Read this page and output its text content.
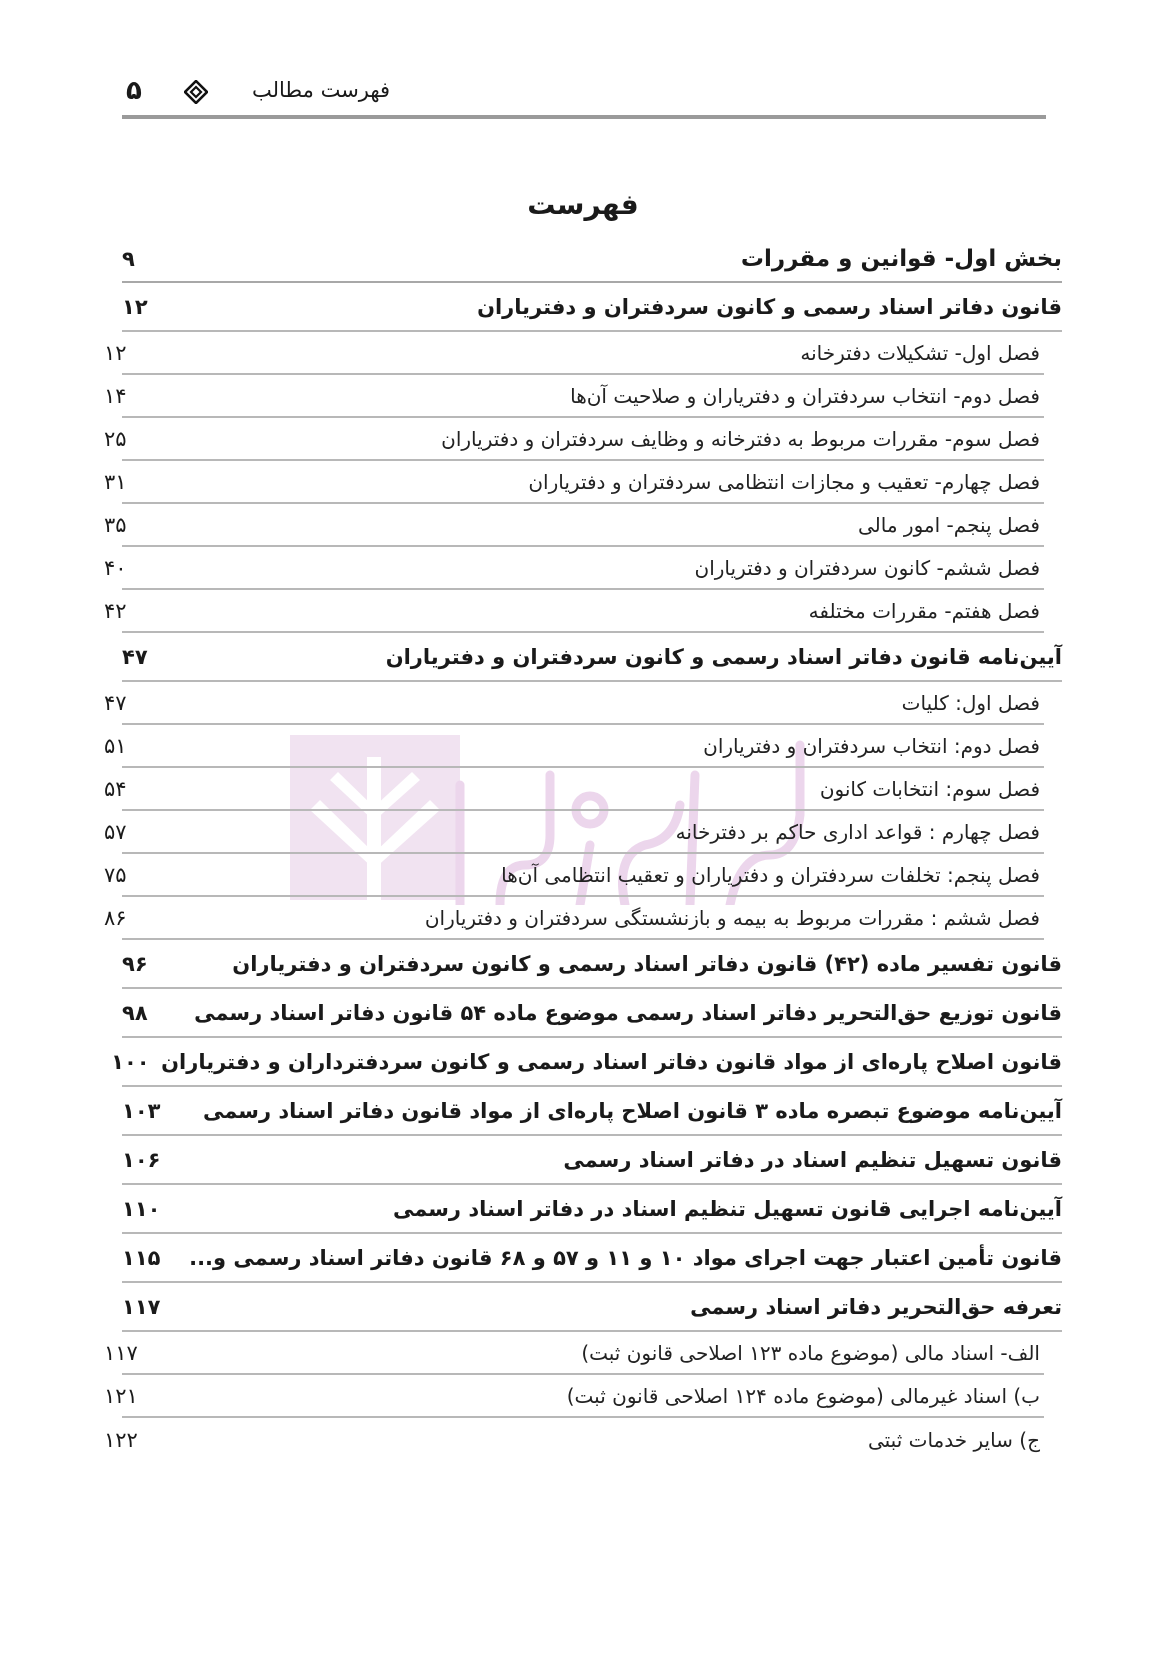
۵	فهرست مطالب
فهرست
بخش اول- قوانین و مقررات
۹
قانون دفاتر اسناد رسمی و کانون سردفتران و دفتریاران
۱۲
فصل اول- تشکیلات دفترخانه
۱۲
فصل دوم- انتخاب سردفتران و دفتریاران و صلاحیت آن‌ها
۱۴
فصل سوم- مقررات مربوط به دفترخانه و وظایف سردفتران و دفتریاران
۲۵
فصل چهارم- تعقیب و مجازات انتظامی سردفتران و دفتریاران
۳۱
فصل پنجم- امور مالی
۳۵
فصل ششم- کانون سردفتران و دفتریاران
۴۰
فصل هفتم- مقررات مختلفه
۴۲
آیین‌نامه قانون دفاتر اسناد رسمی و کانون سردفتران و دفتریاران
۴۷
فصل اول: کلیات
۴۷
فصل دوم: انتخاب سردفتران و دفتریاران
۵۱
فصل سوم: انتخابات کانون
۵۴
فصل چهارم : قواعد اداری حاکم بر دفترخانه
۵۷
فصل پنجم: تخلفات سردفتران و دفتریاران و تعقیب انتظامی آن‌ها
۷۵
فصل ششم : مقررات مربوط به بیمه و بازنشستگی سردفتران و دفتریاران
۸۶
قانون تفسیر ماده (۴۲) قانون دفاتر اسناد رسمی و کانون سردفتران و دفتریاران
۹۶
قانون توزیع حق‌التحریر دفاتر اسناد رسمی موضوع ماده ۵۴ قانون دفاتر اسناد رسمی
۹۸
قانون اصلاح پاره‌ای از مواد قانون دفاتر اسناد رسمی و کانون سردفترداران و دفتریاران
۱۰۰
آیین‌نامه موضوع تبصره ماده ۳ قانون اصلاح پاره‌ای از مواد قانون دفاتر اسناد رسمی
۱۰۳
قانون تسهیل تنظیم اسناد در دفاتر اسناد رسمی
۱۰۶
آیین‌نامه اجرایی قانون تسهیل تنظیم اسناد در دفاتر اسناد رسمی
۱۱۰
قانون تأمین اعتبار جهت اجرای مواد ۱۰ و ۱۱ و ۵۷ و ۶۸ قانون دفاتر اسناد رسمی و...
۱۱۵
تعرفه حق‌التحریر دفاتر اسناد رسمی
۱۱۷
الف- اسناد مالی (موضوع ماده ۱۲۳ اصلاحی قانون ثبت)
۱۱۷
ب) اسناد غیرمالی (موضوع ماده ۱۲۴ اصلاحی قانون ثبت)
۱۲۱
ج) سایر خدمات ثبتی
۱۲۲
